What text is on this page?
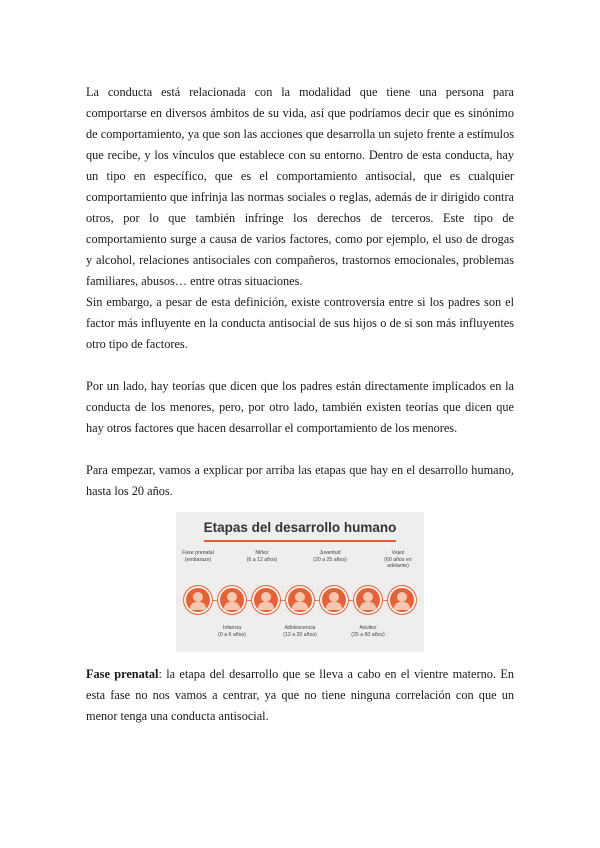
La conducta está relacionada con la modalidad que tiene una persona para comportarse en diversos ámbitos de su vida, así que podríamos decir que es sinónimo de comportamiento, ya que son las acciones que desarrolla un sujeto frente a estímulos que recibe, y los vínculos que establece con su entorno. Dentro de esta conducta, hay un tipo en específico, que es el comportamiento antisocial, que es cualquier comportamiento que infrinja las normas sociales o reglas, además de ir dirigido contra otros, por lo que también infringe los derechos de terceros. Este tipo de comportamiento surge a causa de varios factores, como por ejemplo, el uso de drogas y alcohol, relaciones antisociales con compañeros, trastornos emocionales, problemas familiares, abusos… entre otras situaciones.

Sin embargo, a pesar de esta definición, existe controversia entre si los padres son el factor más influyente en la conducta antisocial de sus hijos o de si son más influyentes otro tipo de factores.

Por un lado, hay teorías que dicen que los padres están directamente implicados en la conducta de los menores, pero, por otro lado, también existen teorías que dicen que hay otros factores que hacen desarrollar el comportamiento de los menores.

Para empezar, vamos a explicar por arriba las etapas que hay en el desarrollo humano, hasta los 20 años.

Etapas del desarrollo humano
Fase prenatal
(embarazo)
Niñez
(6 a 12 años)
Juventud
(20 a 25 años)
Vejez
(60 años en adelante)
Infancia
(0 a 6 años)
Adolescencia
(12 a 20 años)
Adultez
(25 a 60 años)

Fase prenatal: la etapa del desarrollo que se lleva a cabo en el vientre materno. En esta fase no nos vamos a centrar, ya que no tiene ninguna correlación con que un menor tenga una conducta antisocial.
